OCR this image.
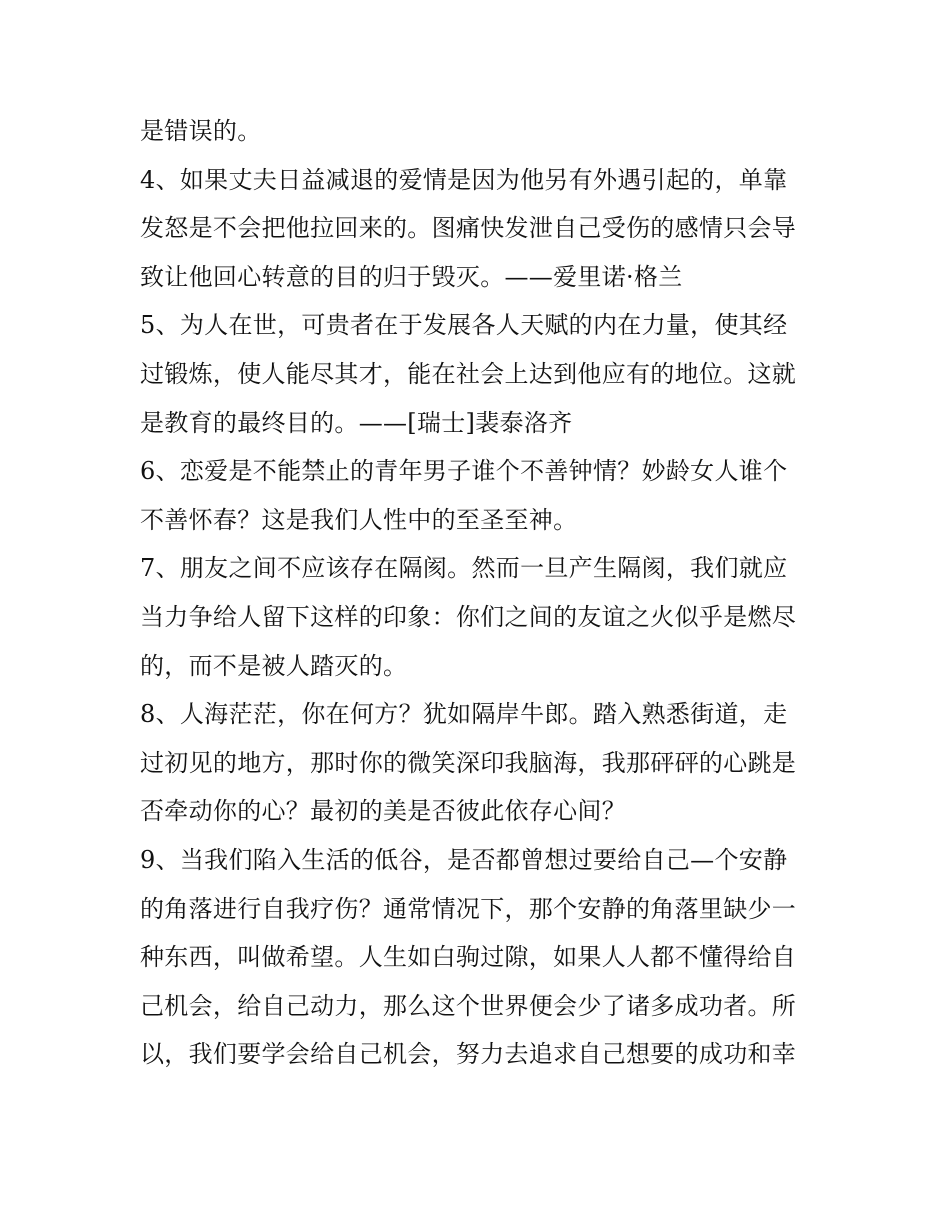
是错误的。
4、如果丈夫日益减退的爱情是因为他另有外遇引起的，单靠
发怒是不会把他拉回来的。图痛快发泄自己受伤的感情只会导
致让他回心转意的目的归于毁灭。——爱里诺·格兰
5、为人在世，可贵者在于发展各人天赋的内在力量，使其经
过锻炼，使人能尽其才，能在社会上达到他应有的地位。这就
是教育的最终目的。——[瑞士]裴泰洛齐
6、恋爱是不能禁止的青年男子谁个不善钟情？妙龄女人谁个
不善怀春？这是我们人性中的至圣至神。
7、朋友之间不应该存在隔阂。然而一旦产生隔阂，我们就应
当力争给人留下这样的印象：你们之间的友谊之火似乎是燃尽
的，而不是被人踏灭的。
8、人海茫茫，你在何方？犹如隔岸牛郎。踏入熟悉街道，走
过初见的地方，那时你的微笑深印我脑海，我那砰砰的心跳是
否牵动你的心？最初的美是否彼此依存心间？
9、当我们陷入生活的低谷，是否都曾想过要给自己—个安静
的角落进行自我疗伤？通常情况下，那个安静的角落里缺少一
种东西，叫做希望。人生如白驹过隙，如果人人都不懂得给自
己机会，给自己动力，那么这个世界便会少了诸多成功者。所
以，我们要学会给自己机会，努力去追求自己想要的成功和幸
